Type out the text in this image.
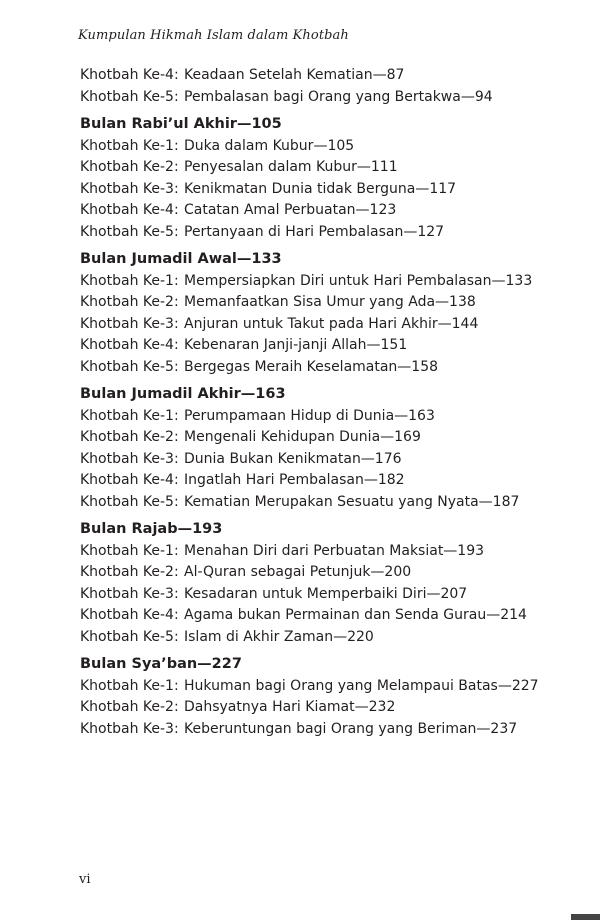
Kumpulan Hikmah Islam dalam Khotbah
Khotbah Ke-4: Keadaan Setelah Kematian—87
Khotbah Ke-5: Pembalasan bagi Orang yang Bertakwa—94
Bulan Rabi’ul Akhir—105
Khotbah Ke-1: Duka dalam Kubur—105
Khotbah Ke-2: Penyesalan dalam Kubur—111
Khotbah Ke-3: Kenikmatan Dunia tidak Berguna—117
Khotbah Ke-4: Catatan Amal Perbuatan—123
Khotbah Ke-5: Pertanyaan di Hari Pembalasan—127
Bulan Jumadil Awal—133
Khotbah Ke-1: Mempersiapkan Diri untuk Hari Pembalasan—133
Khotbah Ke-2: Memanfaatkan Sisa Umur yang Ada—138
Khotbah Ke-3: Anjuran untuk Takut pada Hari Akhir—144
Khotbah Ke-4: Kebenaran Janji-janji Allah—151
Khotbah Ke-5: Bergegas Meraih Keselamatan—158
Bulan Jumadil Akhir—163
Khotbah Ke-1: Perumpamaan Hidup di Dunia—163
Khotbah Ke-2: Mengenali Kehidupan Dunia—169
Khotbah Ke-3: Dunia Bukan Kenikmatan—176
Khotbah Ke-4: Ingatlah Hari Pembalasan—182
Khotbah Ke-5: Kematian Merupakan Sesuatu yang Nyata—187
Bulan Rajab—193
Khotbah Ke-1: Menahan Diri dari Perbuatan Maksiat—193
Khotbah Ke-2: Al-Quran sebagai Petunjuk—200
Khotbah Ke-3: Kesadaran untuk Memperbaiki Diri—207
Khotbah Ke-4: Agama bukan Permainan dan Senda Gurau—214
Khotbah Ke-5: Islam di Akhir Zaman—220
Bulan Sya’ban—227
Khotbah Ke-1: Hukuman bagi Orang yang Melampaui Batas—227
Khotbah Ke-2: Dahsyatnya Hari Kiamat—232
Khotbah Ke-3: Keberuntungan bagi Orang yang Beriman—237
vi
